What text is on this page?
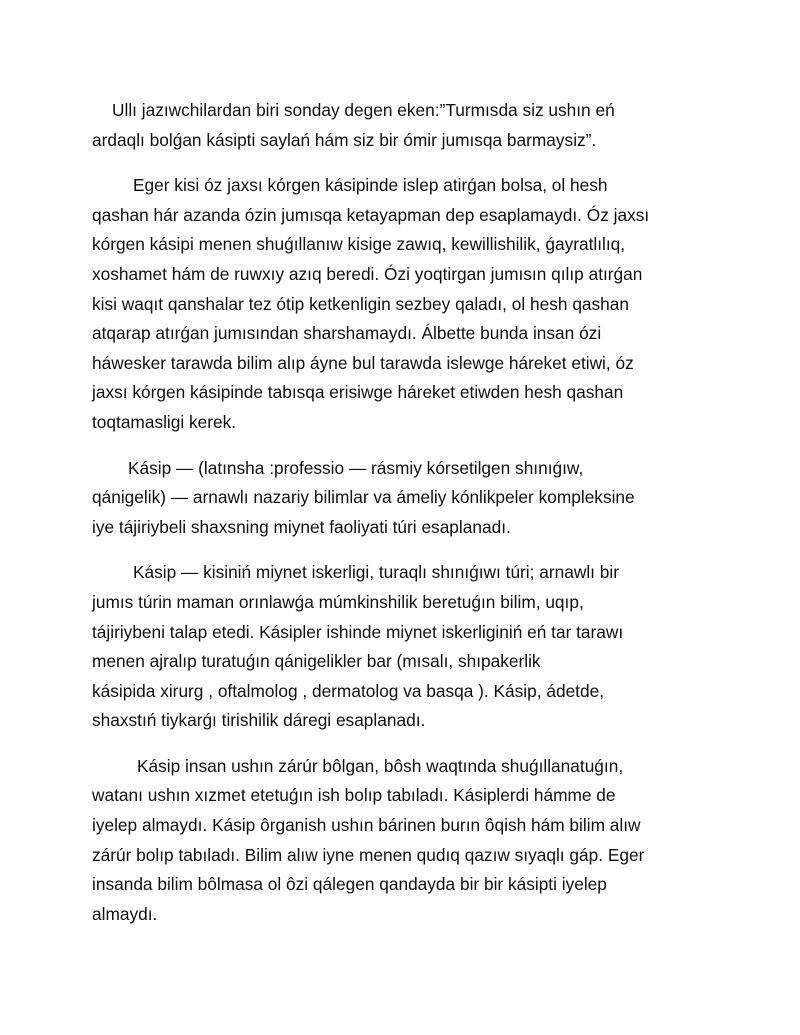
Ullı jazıwchilardan biri sonday degen eken:”Turmısda siz ushın eń
ardaqlı bolǵan kásipti saylań hám siz bir ómir jumısqa barmaysiz”.

Eger kisi óz jaxsı kórgen kásipinde islep atirǵan bolsa, ol hesh
qashan hár azanda ózin jumısqa ketayapman dep esaplamaydı. Óz jaxsı
kórgen kásipi menen shuǵıllanıw kisige zawıq, kewillishilik, ǵayratlılıq,
xoshamet hám de ruwxıy azıq beredi. Ózi yoqtirgan jumısın qılıp atırǵan
kisi waqıt qanshalar tez ótip ketkenligin sezbey qaladı, ol hesh qashan
atqarap atırǵan jumısından sharshamaydı. Álbette bunda insan ózi
háwesker tarawda bilim alıp áyne bul tarawda islewge háreket etiwi, óz
jaxsı kórgen kásipinde tabısqa erisiwge háreket etiwden hesh qashan
toqtamasligi kerek.

Kásip — (latınsha :professio — rásmiy kórsetilgen shınıǵıw,
qánigelik) — arnawlı nazariy bilimlar va ámeliy kónlikpeler kompleksine
iye tájiriybeli shaxsning miynet faoliyati túri esaplanadı.

Kásip — kisiniń miynet iskerligi, turaqlı shınıǵıwı túri; arnawlı bir
jumıs túrin maman orınlawǵa múmkinshilik beretuǵın bilim, uqıp,
tájiriybeni talap etedi. Kásipler ishinde miynet iskerliginiń eń tar tarawı
menen ajralıp turatuǵın qánigelikler bar (mısalı, shıpakerlik
kásipida xirurg , oftalmolog , dermatolog va basqa ). Kásip, ádetde,
shaxstıń tiykarǵı tirishilik dáregi esaplanadı.

Kásip insan ushın zárúr bôlgan, bôsh waqtında shuǵıllanatuǵın,
watanı ushın xızmet etetuǵın ish bolıp tabıladı. Kásiplerdi hámme de
iyelep almaydı. Kásip ôrganish ushın bárinen burın ôqish hám bilim alıw
zárúr bolıp tabıladı. Bilim alıw iyne menen qudıq qazıw sıyaqlı gáp. Eger
insanda bilim bôlmasa ol ôzi qálegen qandayda bir bir kásipti iyelep
almaydı.
